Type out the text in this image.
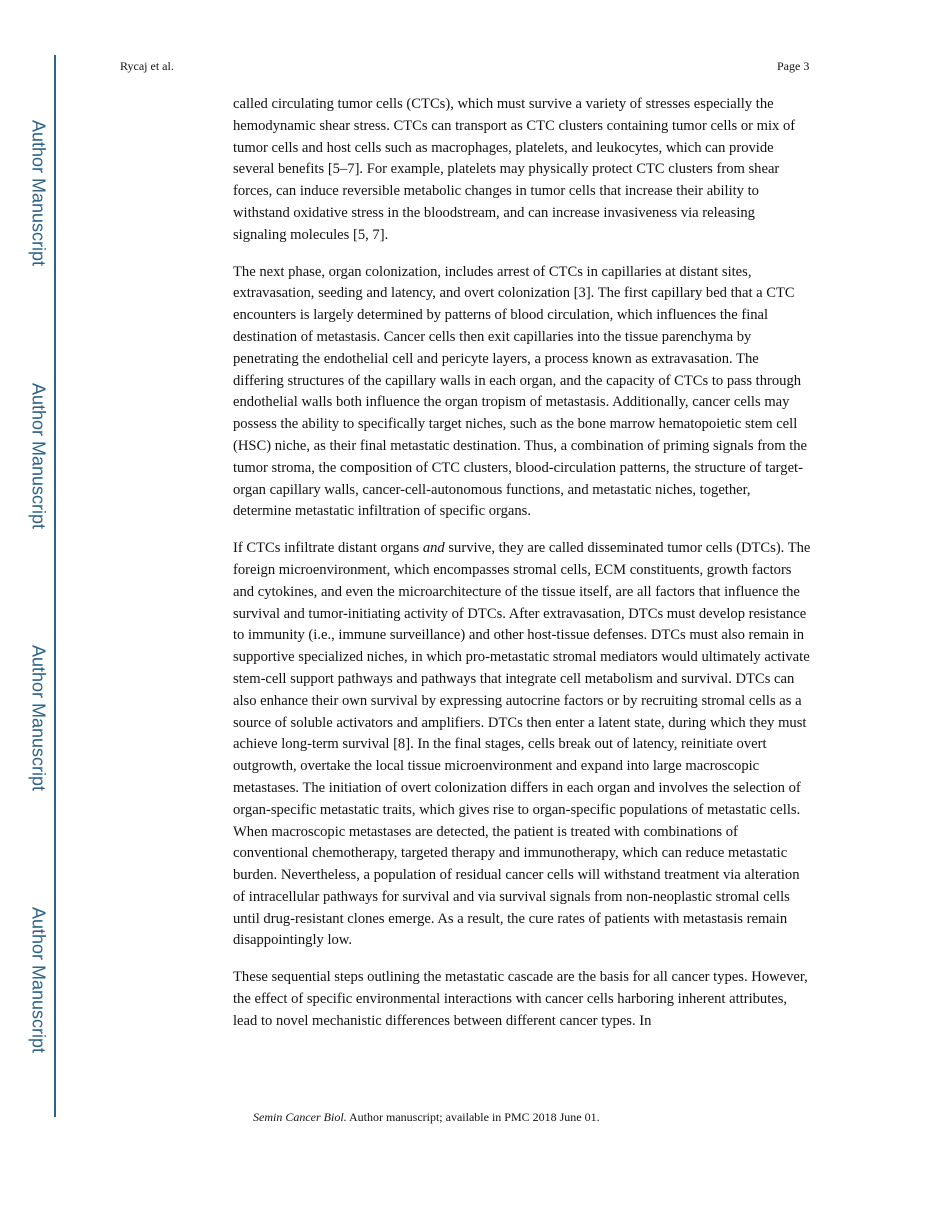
Author Manuscript
Author Manuscript
Author Manuscript
Author Manuscript
Rycaj et al.	Page 3

called circulating tumor cells (CTCs), which must survive a variety of stresses especially the hemodynamic shear stress. CTCs can transport as CTC clusters containing tumor cells or mix of tumor cells and host cells such as macrophages, platelets, and leukocytes, which can provide several benefits [5–7]. For example, platelets may physically protect CTC clusters from shear forces, can induce reversible metabolic changes in tumor cells that increase their ability to withstand oxidative stress in the bloodstream, and can increase invasiveness via releasing signaling molecules [5, 7].

The next phase, organ colonization, includes arrest of CTCs in capillaries at distant sites, extravasation, seeding and latency, and overt colonization [3]. The first capillary bed that a CTC encounters is largely determined by patterns of blood circulation, which influences the final destination of metastasis. Cancer cells then exit capillaries into the tissue parenchyma by penetrating the endothelial cell and pericyte layers, a process known as extravasation. The differing structures of the capillary walls in each organ, and the capacity of CTCs to pass through endothelial walls both influence the organ tropism of metastasis. Additionally, cancer cells may possess the ability to specifically target niches, such as the bone marrow hematopoietic stem cell (HSC) niche, as their final metastatic destination. Thus, a combination of priming signals from the tumor stroma, the composition of CTC clusters, blood-circulation patterns, the structure of target-organ capillary walls, cancer-cell-autonomous functions, and metastatic niches, together, determine metastatic infiltration of specific organs.

If CTCs infiltrate distant organs and survive, they are called disseminated tumor cells (DTCs). The foreign microenvironment, which encompasses stromal cells, ECM constituents, growth factors and cytokines, and even the microarchitecture of the tissue itself, are all factors that influence the survival and tumor-initiating activity of DTCs. After extravasation, DTCs must develop resistance to immunity (i.e., immune surveillance) and other host-tissue defenses. DTCs must also remain in supportive specialized niches, in which pro-metastatic stromal mediators would ultimately activate stem-cell support pathways and pathways that integrate cell metabolism and survival. DTCs can also enhance their own survival by expressing autocrine factors or by recruiting stromal cells as a source of soluble activators and amplifiers. DTCs then enter a latent state, during which they must achieve long-term survival [8]. In the final stages, cells break out of latency, reinitiate overt outgrowth, overtake the local tissue microenvironment and expand into large macroscopic metastases. The initiation of overt colonization differs in each organ and involves the selection of organ-specific metastatic traits, which gives rise to organ-specific populations of metastatic cells. When macroscopic metastases are detected, the patient is treated with combinations of conventional chemotherapy, targeted therapy and immunotherapy, which can reduce metastatic burden. Nevertheless, a population of residual cancer cells will withstand treatment via alteration of intracellular pathways for survival and via survival signals from non-neoplastic stromal cells until drug-resistant clones emerge. As a result, the cure rates of patients with metastasis remain disappointingly low.

These sequential steps outlining the metastatic cascade are the basis for all cancer types. However, the effect of specific environmental interactions with cancer cells harboring inherent attributes, lead to novel mechanistic differences between different cancer types. In

Semin Cancer Biol. Author manuscript; available in PMC 2018 June 01.
